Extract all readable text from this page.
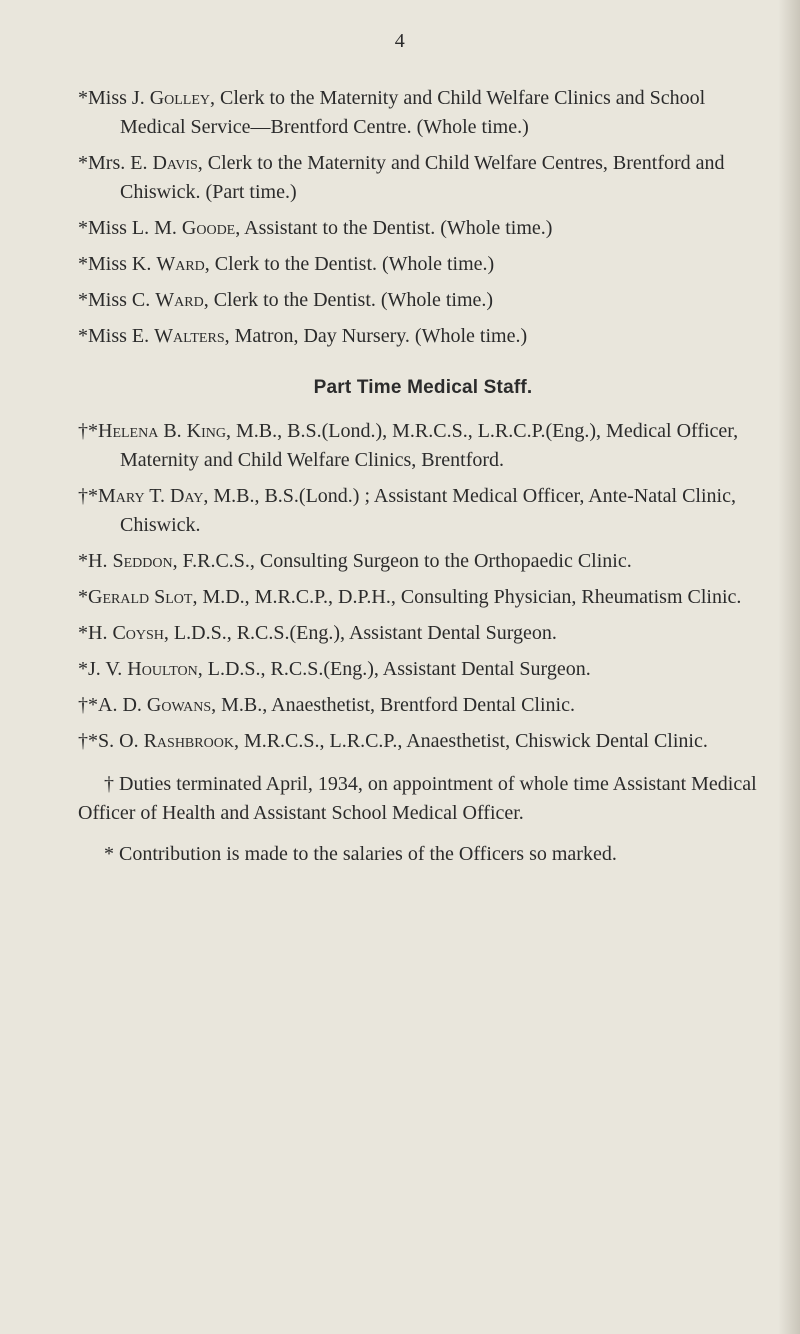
4

*Miss J. Golley, Clerk to the Maternity and Child Welfare Clinics and School Medical Service—Brentford Centre. (Whole time.)

*Mrs. E. Davis, Clerk to the Maternity and Child Welfare Centres, Brentford and Chiswick. (Part time.)

*Miss L. M. Goode, Assistant to the Dentist. (Whole time.)

*Miss K. Ward, Clerk to the Dentist. (Whole time.)

*Miss C. Ward, Clerk to the Dentist. (Whole time.)

*Miss E. Walters, Matron, Day Nursery. (Whole time.)

Part Time Medical Staff.

†*Helena B. King, M.B., B.S.(Lond.), M.R.C.S., L.R.C.P.(Eng.), Medical Officer, Maternity and Child Welfare Clinics, Brentford.

†*Mary T. Day, M.B., B.S.(Lond.) ; Assistant Medical Officer, Ante-Natal Clinic, Chiswick.

*H. Seddon, F.R.C.S., Consulting Surgeon to the Orthopaedic Clinic.

*Gerald Slot, M.D., M.R.C.P., D.P.H., Consulting Physician, Rheumatism Clinic.

*H. Coysh, L.D.S., R.C.S.(Eng.), Assistant Dental Surgeon.

*J. V. Houlton, L.D.S., R.C.S.(Eng.), Assistant Dental Surgeon.

†*A. D. Gowans, M.B., Anaesthetist, Brentford Dental Clinic.

†*S. O. Rashbrook, M.R.C.S., L.R.C.P., Anaesthetist, Chiswick Dental Clinic.

† Duties terminated April, 1934, on appointment of whole time Assistant Medical Officer of Health and Assistant School Medical Officer.

* Contribution is made to the salaries of the Officers so marked.
